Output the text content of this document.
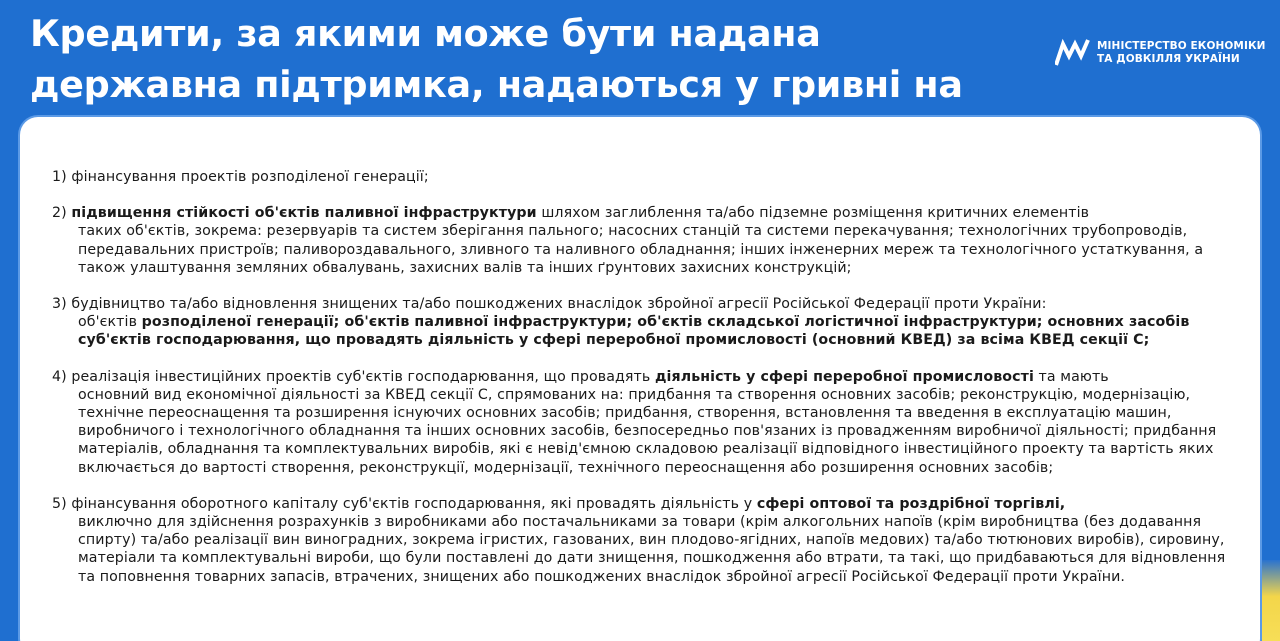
Кредити, за якими може бути надана державна підтримка, надаються у гривні на
МІНІСТЕРСТВО ЕКОНОМІКИ
ТА ДОВКІЛЛЯ УКРАЇНИ
1) фінансування проектів розподіленої генерації;
2) підвищення стійкості об'єктів паливної інфраструктури шляхом заглиблення та/або підземне розміщення критичних елементів
таких об'єктів, зокрема: резервуарів та систем зберігання пального; насосних станцій та системи перекачування; технологічних трубопроводів, передавальних пристроїв; паливороздавального, зливного та наливного обладнання; інших інженерних мереж та технологічного устаткування, а також улаштування земляних обвалувань, захисних валів та інших ґрунтових захисних конструкцій;
3) будівництво та/або відновлення знищених та/або пошкоджених внаслідок збройної агресії Російської Федерації проти України:
об'єктів розподіленої генерації; об'єктів паливної інфраструктури; об'єктів складської логістичної інфраструктури; основних засобів суб'єктів господарювання, що провадять діяльність у сфері переробної промисловості (основний КВЕД) за всіма КВЕД секції С;
4) реалізація інвестиційних проектів суб'єктів господарювання, що провадять діяльність у сфері переробної промисловості та мають
основний вид економічної діяльності за КВЕД секції С, спрямованих на: придбання та створення основних засобів; реконструкцію, модернізацію, технічне переоснащення та розширення існуючих основних засобів; придбання, створення, встановлення та введення в експлуатацію машин, виробничого і технологічного обладнання та інших основних засобів, безпосередньо пов'язаних із провадженням виробничої діяльності; придбання матеріалів, обладнання та комплектувальних виробів, які є невід'ємною складовою реалізації відповідного інвестиційного проекту та вартість яких включається до вартості створення, реконструкції, модернізації, технічного переоснащення або розширення основних засобів;
5) фінансування оборотного капіталу суб'єктів господарювання, які провадять діяльність у сфері оптової та роздрібної торгівлі,
виключно для здійснення розрахунків з виробниками або постачальниками за товари (крім алкогольних напоїв (крім виробництва (без додавання спирту) та/або реалізації вин виноградних, зокрема ігристих, газованих, вин плодово-ягідних, напоїв медових) та/або тютюнових виробів), сировину, матеріали та комплектувальні вироби, що були поставлені до дати знищення, пошкодження або втрати, та такі, що придбаваються для відновлення та поповнення товарних запасів, втрачених, знищених або пошкоджених внаслідок збройної агресії Російської Федерації проти України.
